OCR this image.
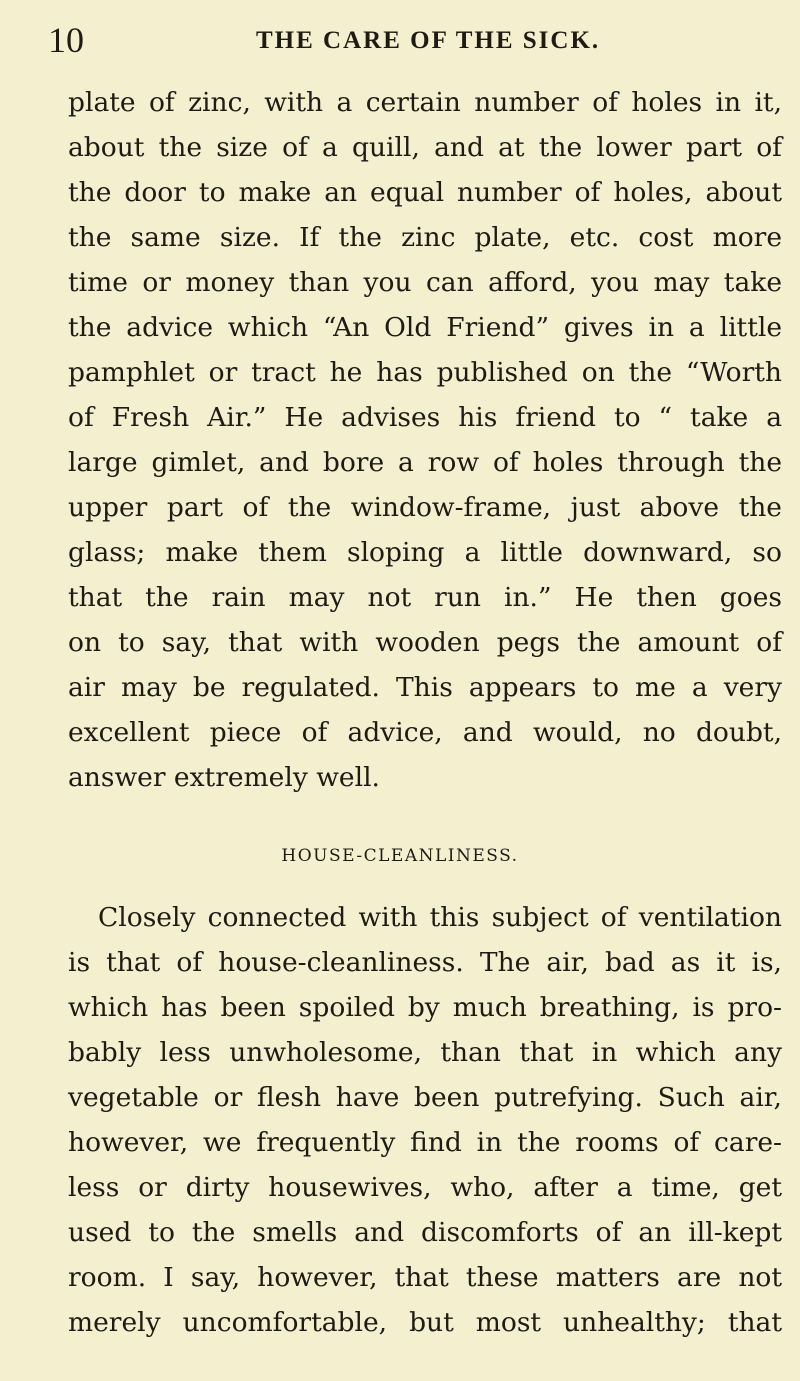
10	THE CARE OF THE SICK.
plate of zinc, with a certain number of holes in it,
about the size of a quill, and at the lower part of
the door to make an equal number of holes, about
the same size. If the zinc plate, etc. cost more
time or money than you can afford, you may take
the advice which “An Old Friend” gives in a little
pamphlet or tract he has published on the “Worth
of Fresh Air.” He advises his friend to “ take a
large gimlet, and bore a row of holes through the
upper part of the window-frame, just above the
glass; make them sloping a little downward, so
that the rain may not run in.” He then goes
on to say, that with wooden pegs the amount of
air may be regulated. This appears to me a very
excellent piece of advice, and would, no doubt,
answer extremely well.
HOUSE-CLEANLINESS.
Closely connected with this subject of ventilation
is that of house-cleanliness. The air, bad as it is,
which has been spoiled by much breathing, is pro-
bably less unwholesome, than that in which any
vegetable or flesh have been putrefying. Such air,
however, we frequently find in the rooms of care-
less or dirty housewives, who, after a time, get
used to the smells and discomforts of an ill-kept
room. I say, however, that these matters are not
merely uncomfortable, but most unhealthy; that
